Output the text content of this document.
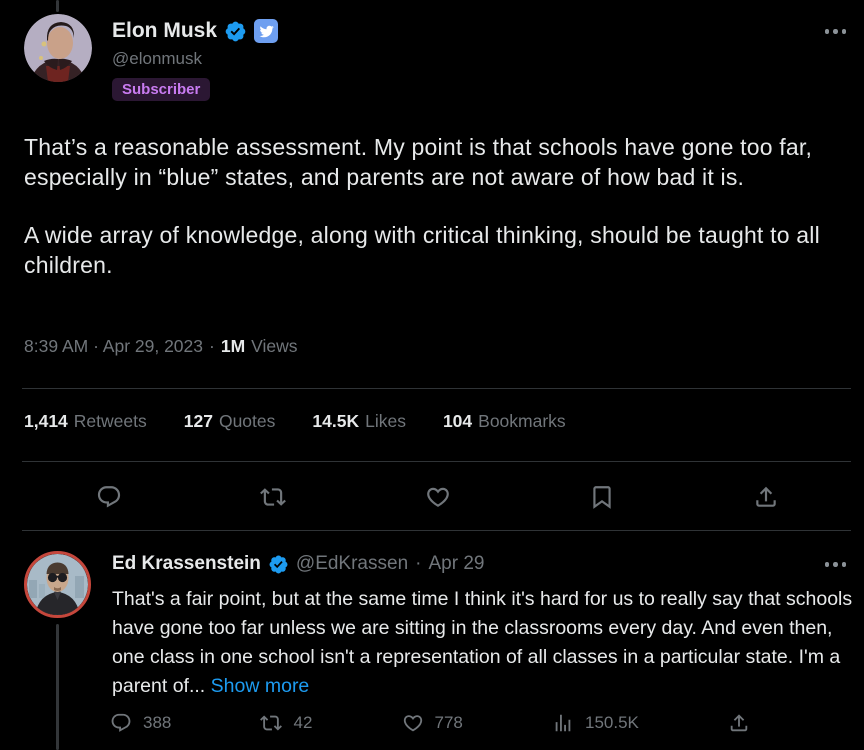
Elon Musk
@elonmusk
Subscriber

That’s a reasonable assessment. My point is that schools have gone too far, especially in “blue” states, and parents are not aware of how bad it is.

A wide array of knowledge, along with critical thinking, should be taught to all children.

8:39 AM · Apr 29, 2023 · 1M Views
1,414 Retweets 127 Quotes 14.5K Likes 104 Bookmarks
Ed Krassenstein @EdKrassen · Apr 29
That's a fair point, but at the same time I think it's hard for us to really say that schools have gone too far unless we are sitting in the classrooms every day. And even then, one class in one school isn't a representation of all classes in a particular state. I'm a parent of... Show more
388	42	778	150.5K
